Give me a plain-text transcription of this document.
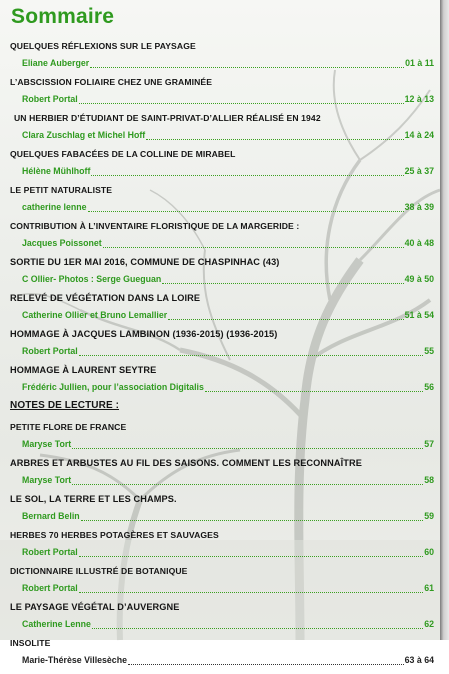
Sommaire
QUELQUES RÉFLEXIONS SUR LE PAYSAGE
Eliane Auberger	01 à 11
L’ABSCISSION FOLIAIRE CHEZ UNE GRAMINÉE
Robert Portal	12 à 13
UN HERBIER D’ÉTUDIANT DE SAINT-PRIVAT-D’ALLIER RÉALISÉ EN 1942
Clara Zuschlag et Michel Hoff	14 à 24
QUELQUES FABACÉES DE LA COLLINE DE MIRABEL
Hélène Mühlhoff	25 à 37
LE PETIT NATURALISTE
catherine lenne	38 à 39
CONTRIBUTION À L’INVENTAIRE FLORISTIQUE DE LA MARGERIDE :
Jacques Poissonet	40 à 48
SORTIE DU 1ER MAI 2016, COMMUNE DE CHASPINHAC (43)
C Ollier- Photos : Serge Gueguan	49 à 50
RELEVÉ DE VÉGÉTATION DANS LA LOIRE
Catherine Ollier et Bruno Lemallier	51 à 54
HOMMAGE À JACQUES LAMBINON (1936-2015) (1936-2015)
Robert Portal	55
HOMMAGE À LAURENT SEYTRE
Frédéric Jullien, pour l’association Digitalis	56
NOTES DE LECTURE :
PETITE FLORE DE FRANCE
Maryse Tort	57
ARBRES ET ARBUSTES AU FIL DES SAISONS. COMMENT LES RECONNAÎTRE
Maryse Tort	58
LE SOL, LA TERRE ET LES CHAMPS.
Bernard Belin	59
HERBES 70 HERBES POTAGÈRES ET SAUVAGES
Robert Portal	60
DICTIONNAIRE ILLUSTRÉ DE BOTANIQUE
Robert Portal	61
LE PAYSAGE VÉGÉTAL D’AUVERGNE
Catherine Lenne	62
INSOLITE
Marie-Thérèse Villesèche	63 à 64
